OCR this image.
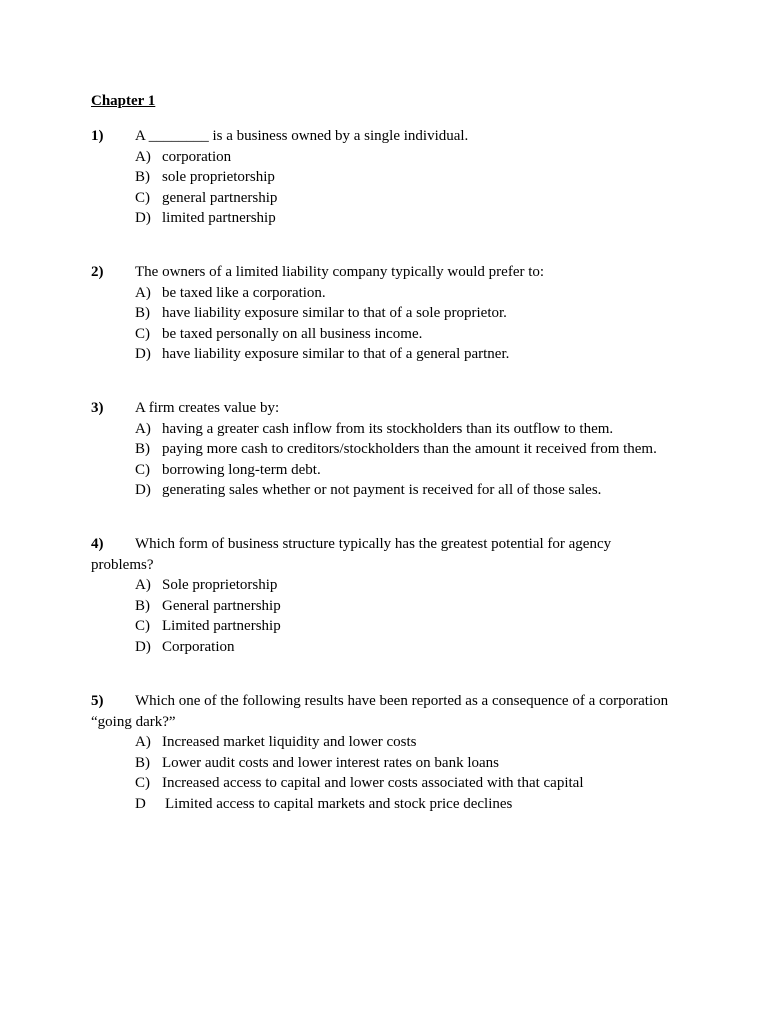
Chapter 1
1) A ________ is a business owned by a single individual.
A) corporation
B) sole proprietorship
C) general partnership
D) limited partnership
2) The owners of a limited liability company typically would prefer to:
A) be taxed like a corporation.
B) have liability exposure similar to that of a sole proprietor.
C) be taxed personally on all business income.
D) have liability exposure similar to that of a general partner.
3) A firm creates value by:
A) having a greater cash inflow from its stockholders than its outflow to them.
B) paying more cash to creditors/stockholders than the amount it received from them.
C) borrowing long-term debt.
D) generating sales whether or not payment is received for all of those sales.
4) Which form of business structure typically has the greatest potential for agency
problems?
A) Sole proprietorship
B) General partnership
C) Limited partnership
D) Corporation
5) Which one of the following results have been reported as a consequence of a corporation
“going dark?”
A) Increased market liquidity and lower costs
B) Lower audit costs and lower interest rates on bank loans
C) Increased access to capital and lower costs associated with that capital
D Limited access to capital markets and stock price declines
